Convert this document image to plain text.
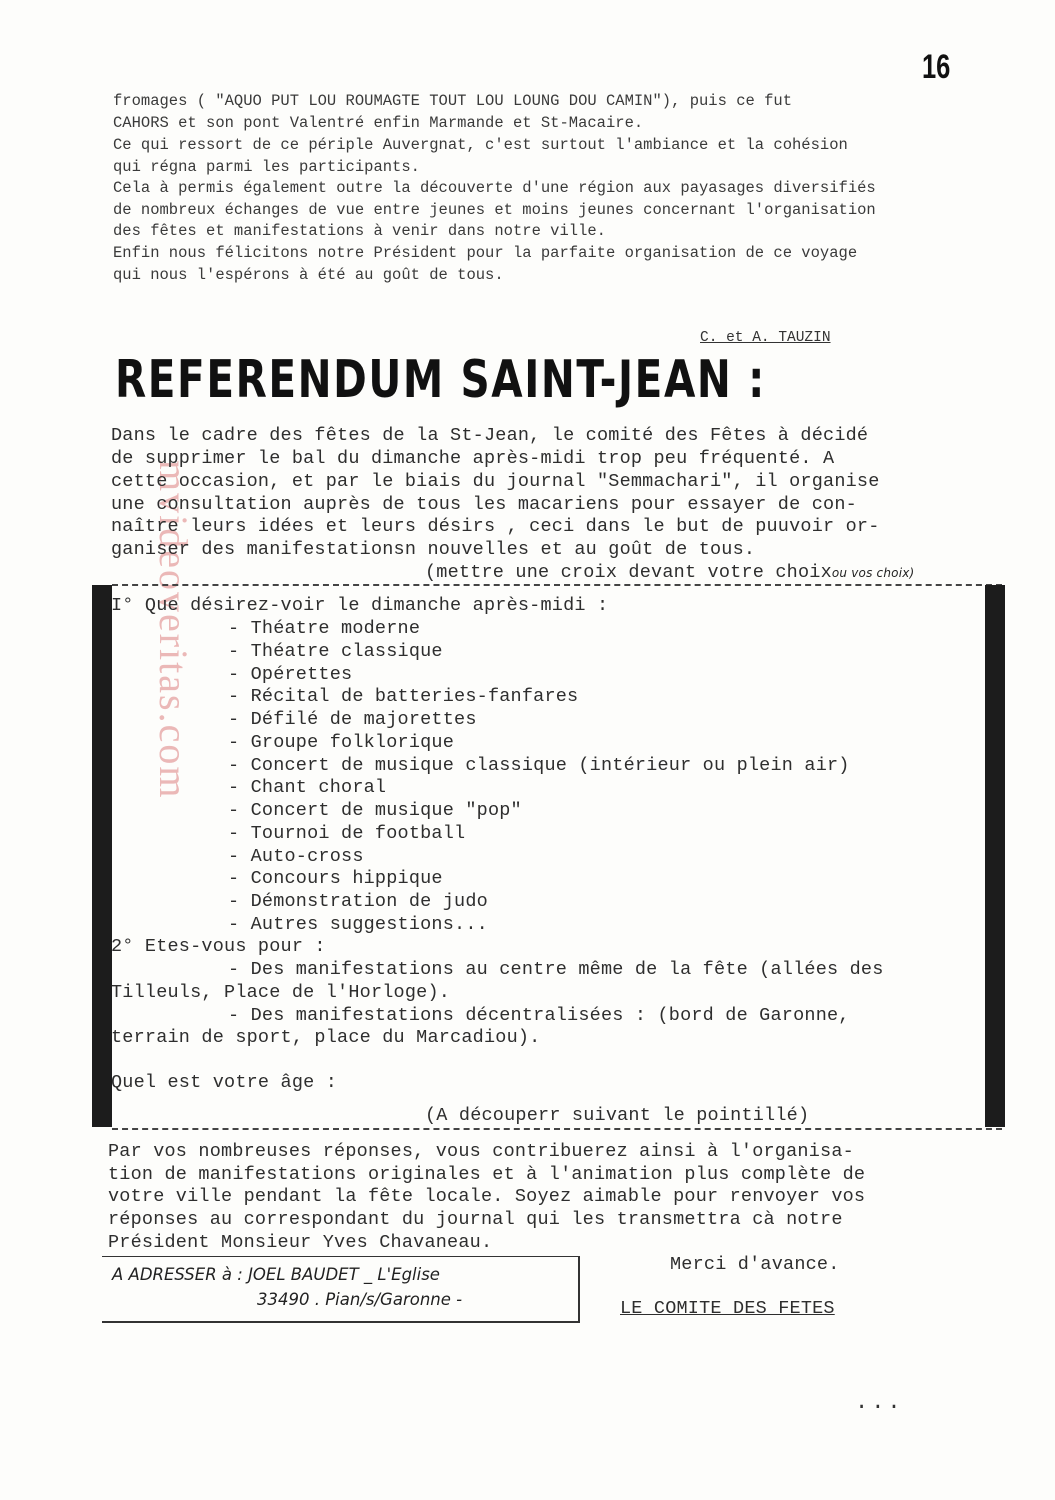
16
fromages ( "AQUO PUT LOU ROUMAGTE TOUT LOU LOUNG DOU CAMIN"), puis ce fut
CAHORS et son pont Valentré enfin Marmande et St-Macaire.
Ce qui ressort de ce périple Auvergnat, c'est surtout l'ambiance et la cohésion
qui régna parmi les participants.
Cela à permis également outre la découverte d'une région aux payasages diversifiés
de nombreux échanges de vue entre jeunes et moins jeunes concernant l'organisation
des fêtes et manifestations à venir dans notre ville.
Enfin nous félicitons notre Président pour la parfaite organisation de ce voyage
qui nous l'espérons à été au goût de tous.
C. et A. TAUZIN
REFERENDUM SAINT-JEAN :
mvideoveritas.com
Dans le cadre des fêtes de la St-Jean, le comité des Fêtes à décidé
de supprimer le bal du dimanche après-midi trop peu fréquenté. A
cette occasion, et par le biais du journal "Semmachari", il organise
une consultation auprès de tous les macariens pour essayer de con-
naître leurs idées et leurs désirs , ceci dans le but de puuvoir or-
ganiser des manifestationsn nouvelles et au goût de tous.
(mettre une croix devant votre choixou vos choix)
I° Que désirez-voir le dimanche après-midi :
- Théatre moderne
- Théatre classique
- Opérettes
- Récital de batteries-fanfares
- Défilé de majorettes
- Groupe folklorique
- Concert de musique classique (intérieur ou plein air)
- Chant choral
- Concert de musique "pop"
- Tournoi de football
- Auto-cross
- Concours hippique
- Démonstration de judo
- Autres suggestions...
2° Etes-vous pour :
- Des manifestations au centre même de la fête (allées des
Tilleuls, Place de l'Horloge).
- Des manifestations décentralisées : (bord de Garonne,
terrain de sport, place du Marcadiou).
Quel est votre âge :
(A découperr suivant le pointillé)
Par vos nombreuses réponses, vous contribuerez ainsi à l'organisa-
tion de manifestations originales et à l'animation plus complète de
votre ville pendant la fête locale. Soyez aimable pour renvoyer vos
réponses au correspondant du journal qui les transmettra cà notre
Président Monsieur Yves Chavaneau.
A ADRESSER à : JOEL BAUDET _ L'Eglise
33490 . Pian/s/Garonne -
Merci d'avance.
LE COMITE DES FETES
...
